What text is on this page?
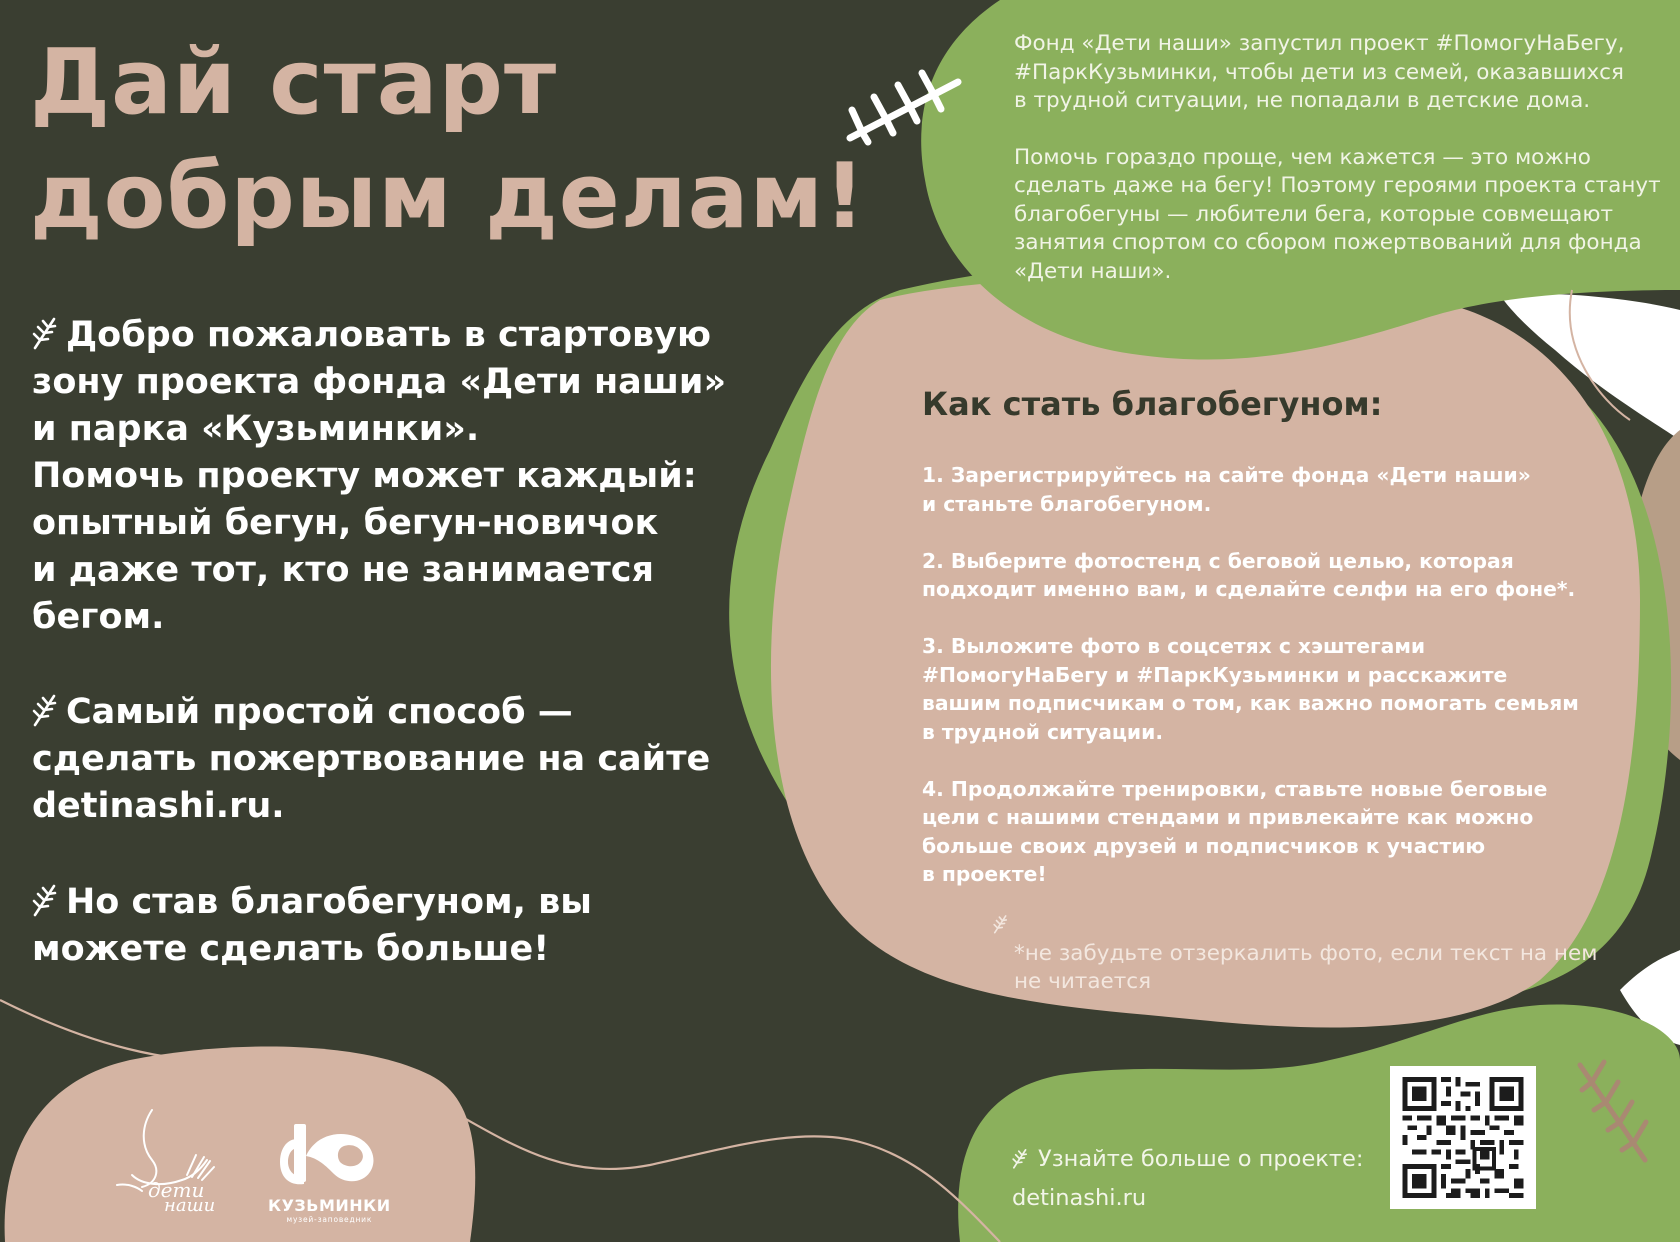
Дай старт
добрым делам!
Добро пожаловать в стартовую
зону проекта фонда «Дети наши»
и парка «Кузьминки».
Помочь проекту может каждый:
опытный бегун, бегун-новичок
и даже тот, кто не занимается
бегом.
Самый простой способ —
сделать пожертвование на сайте
detinashi.ru.
Но став благобегуном, вы
можете сделать больше!
Фонд «Дети наши» запустил проект #ПомогуНаБегу,
#ПаркКузьминки, чтобы дети из семей, оказавшихся
в трудной ситуации, не попадали в детские дома.
Помочь гораздо проще, чем кажется — это можно
сделать даже на бегу! Поэтому героями проекта станут
благобегуны — любители бега, которые совмещают
занятия спортом со сбором пожертвований для фонда
«Дети наши».
Как стать благобегуном:
1. Зарегистрируйтесь на сайте фонда «Дети наши»
и станьте благобегуном.
2. Выберите фотостенд с беговой целью, которая
подходит именно вам, и сделайте селфи на его фоне*.
3. Выложите фото в соцсетях с хэштегами
#ПомогуНаБегу и #ПаркКузьминки и расскажите
вашим подписчикам о том, как важно помогать семьям
в трудной ситуации.
4. Продолжайте тренировки, ставьте новые беговые
цели с нашими стендами и привлекайте как можно
больше своих друзей и подписчиков к участию
в проекте!
*не забудьте отзеркалить фото, если текст на нем
не читается
Узнайте больше о проекте:
detinashi.ru
дети
наши	КУЗЬМИНКИ
музей-заповедник
